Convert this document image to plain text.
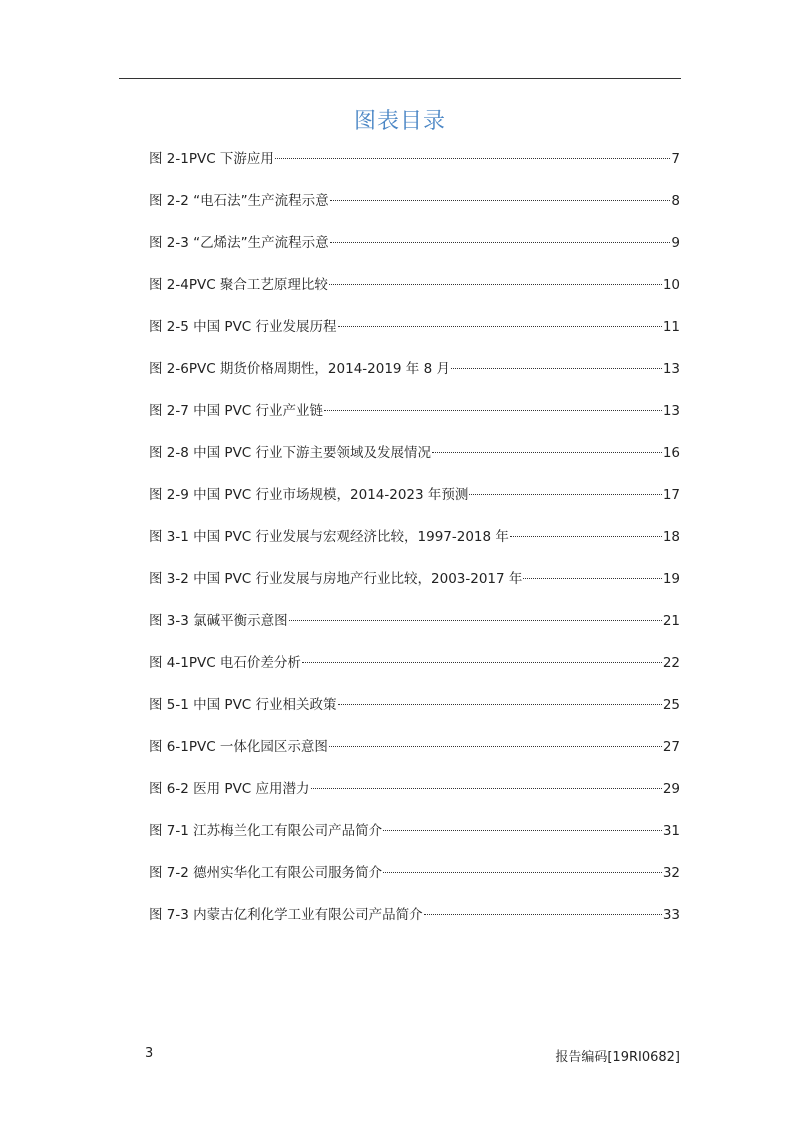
图表目录
图 2-1PVC 下游应用	7
图 2-2 “电石法”生产流程示意	8
图 2-3 “乙烯法”生产流程示意	9
图 2-4PVC 聚合工艺原理比较	10
图 2-5 中国 PVC 行业发展历程	11
图 2-6PVC 期货价格周期性，2014-2019 年 8 月	13
图 2-7 中国 PVC 行业产业链	13
图 2-8 中国 PVC 行业下游主要领域及发展情况	16
图 2-9 中国 PVC 行业市场规模，2014-2023 年预测	17
图 3-1 中国 PVC 行业发展与宏观经济比较，1997-2018 年	18
图 3-2 中国 PVC 行业发展与房地产行业比较，2003-2017 年	19
图 3-3 氯碱平衡示意图	21
图 4-1PVC 电石价差分析	22
图 5-1 中国 PVC 行业相关政策	25
图 6-1PVC 一体化园区示意图	27
图 6-2 医用 PVC 应用潜力	29
图 7-1 江苏梅兰化工有限公司产品简介	31
图 7-2 德州实华化工有限公司服务简介	32
图 7-3 内蒙古亿利化学工业有限公司产品简介	33
3	报告编码[19RI0682]
